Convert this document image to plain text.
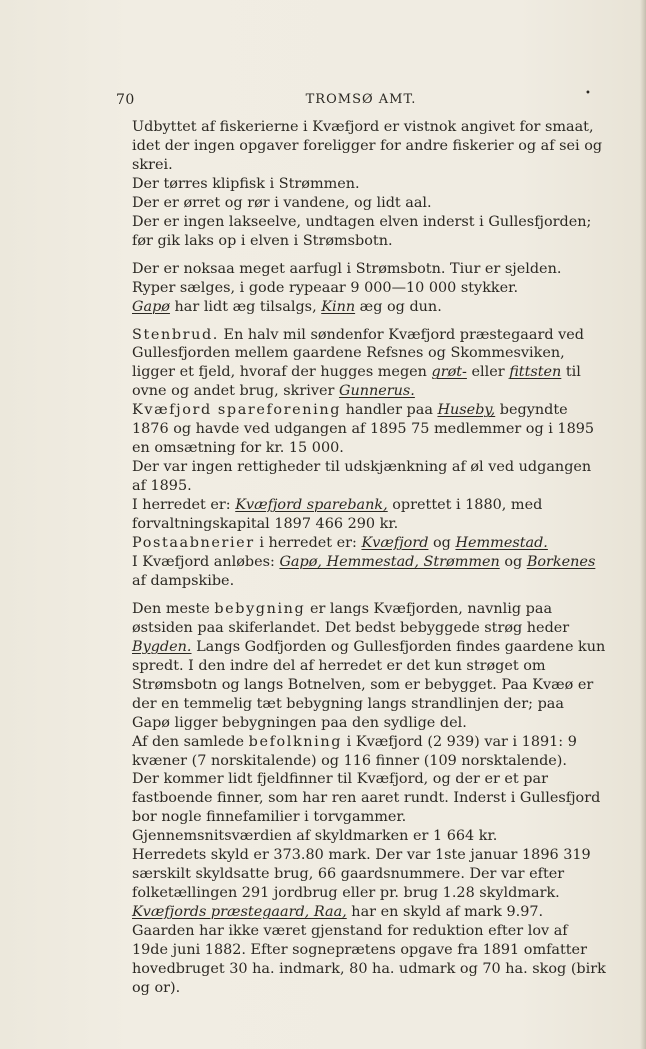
70	TROMSØ AMT.	•

Udbyttet af fiskerierne i Kvæfjord er vistnok angivet for smaat, idet der ingen opgaver foreligger for andre fiskerier og af sei og skrei.

Der tørres klipfisk i Strømmen.

Der er ørret og rør i vandene, og lidt aal.

Der er ingen lakseelve, undtagen elven inderst i Gullesfjorden; før gik laks op i elven i Strømsbotn.

Der er noksaa meget aarfugl i Strømsbotn. Tiur er sjelden.

Ryper sælges, i gode rypeaar 9 000—10 000 stykker.

Gapø har lidt æg tilsalgs, Kinn æg og dun.

Stenbrud. En halv mil søndenfor Kvæfjord præstegaard ved Gullesfjorden mellem gaardene Refsnes og Skommesviken, ligger et fjeld, hvoraf der hugges megen grøt- eller fittsten til ovne og andet brug, skriver Gunnerus.

Kvæfjord spareforening handler paa Huseby, begyndte 1876 og havde ved udgangen af 1895 75 medlemmer og i 1895 en omsætning for kr. 15 000.

Der var ingen rettigheder til udskjænkning af øl ved udgangen af 1895.

I herredet er: Kvæfjord sparebank, oprettet i 1880, med forvaltningskapital 1897 466 290 kr.

Postaabnerier i herredet er: Kvæfjord og Hemmestad.

I Kvæfjord anløbes: Gapø, Hemmestad, Strømmen og Borkenes af dampskibe.

Den meste bebygning er langs Kvæfjorden, navnlig paa østsiden paa skiferlandet. Det bedst bebyggede strøg heder Bygden. Langs Godfjorden og Gullesfjorden findes gaardene kun spredt. I den indre del af herredet er det kun strøget om Strømsbotn og langs Botnelven, som er bebygget. Paa Kvæø er der en temmelig tæt bebygning langs strandlinjen der; paa Gapø ligger bebygningen paa den sydlige del.

Af den samlede befolkning i Kvæfjord (2 939) var i 1891: 9 kvæner (7 norskitalende) og 116 finner (109 norsktalende).

Der kommer lidt fjeldfinner til Kvæfjord, og der er et par fastboende finner, som har ren aaret rundt. Inderst i Gullesfjord bor nogle finnefamilier i torvgammer.

Gjennemsnitsværdien af skyldmarken er 1 664 kr.

Herredets skyld er 373.80 mark. Der var 1ste januar 1896 319 særskilt skyldsatte brug, 66 gaardsnummere. Der var efter folketællingen 291 jordbrug eller pr. brug 1.28 skyldmark.

Kvæfjords præstegaard, Raa, har en skyld af mark 9.97. Gaarden har ikke været gjenstand for reduktion efter lov af 19de juni 1882. Efter sogneprætens opgave fra 1891 omfatter hovedbruget 30 ha. indmark, 80 ha. udmark og 70 ha. skog (birk og or).
